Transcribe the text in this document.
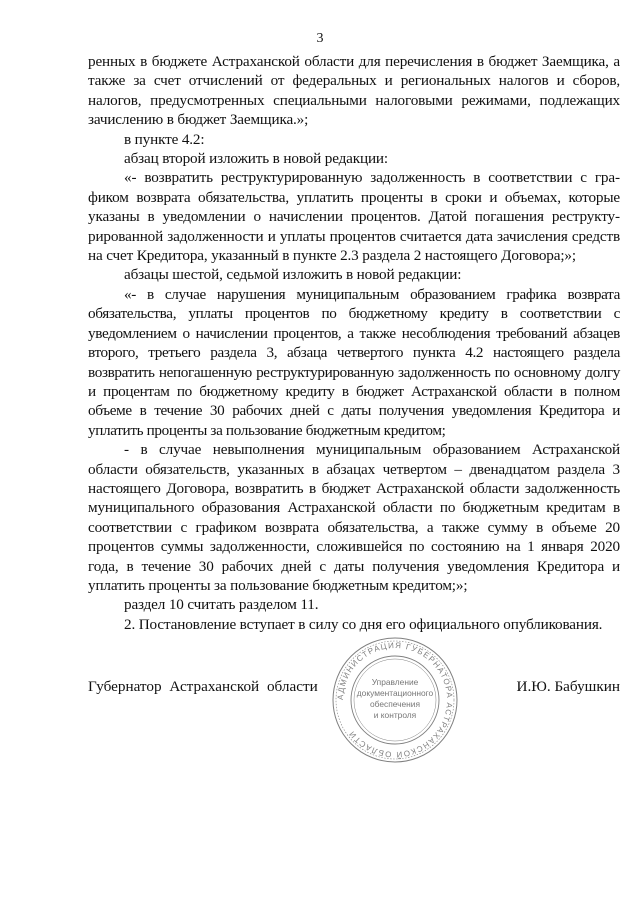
3

ренных в бюджете Астраханской области для перечисления в бюджет Заемщика, а также за счет отчислений от федеральных и региональных налогов и сборов, налогов, предусмотренных специальными налоговыми режимами, подлежащих зачислению в бюджет Заемщика.»;

в пункте 4.2:

абзац второй изложить в новой редакции:

«- возвратить реструктурированную задолженность в соответствии с графиком возврата обязательства, уплатить проценты в сроки и объемах, которые указаны в уведомлении о начислении процентов. Датой погашения реструктурированной задолженности и уплаты процентов считается дата зачисления средств на счет Кредитора, указанный в пункте 2.3 раздела 2 настоящего Договора;»;

абзацы шестой, седьмой изложить в новой редакции:

«- в случае нарушения муниципальным образованием графика возврата обязательства, уплаты процентов по бюджетному кредиту в соответствии с уведомлением о начислении процентов, а также несоблюдения требований абзацев второго, третьего раздела 3, абзаца четвертого пункта 4.2 настоящего раздела возвратить непогашенную реструктурированную задолженность по основному долгу и процентам по бюджетному кредиту в бюджет Астраханской области в полном объеме в течение 30 рабочих дней с даты получения уведомления Кредитора и уплатить проценты за пользование бюджетным кредитом;

- в случае невыполнения муниципальным образованием Астраханской области обязательств, указанных в абзацах четвертом – двенадцатом раздела 3 настоящего Договора, возвратить в бюджет Астраханской области задолженность муниципального образования Астраханской области по бюджетным кредитам в соответствии с графиком возврата обязательства, а также сумму в объеме 20 процентов суммы задолженности, сложившейся по состоянию на 1 января 2020 года, в течение 30 рабочих дней с даты получения уведомления Кредитора и уплатить проценты за пользование бюджетным кредитом;»;

раздел 10 считать разделом 11.

2. Постановление вступает в силу со дня его официального опубликования.

АДМИНИСТРАЦИЯ ГУБЕРНАТОРА АСТРАХАНСКОЙ ОБЛАСТИ
Управление
документационного
обеспечения
и контроля
Губернатор Астраханской области	И.Ю. Бабушкин
